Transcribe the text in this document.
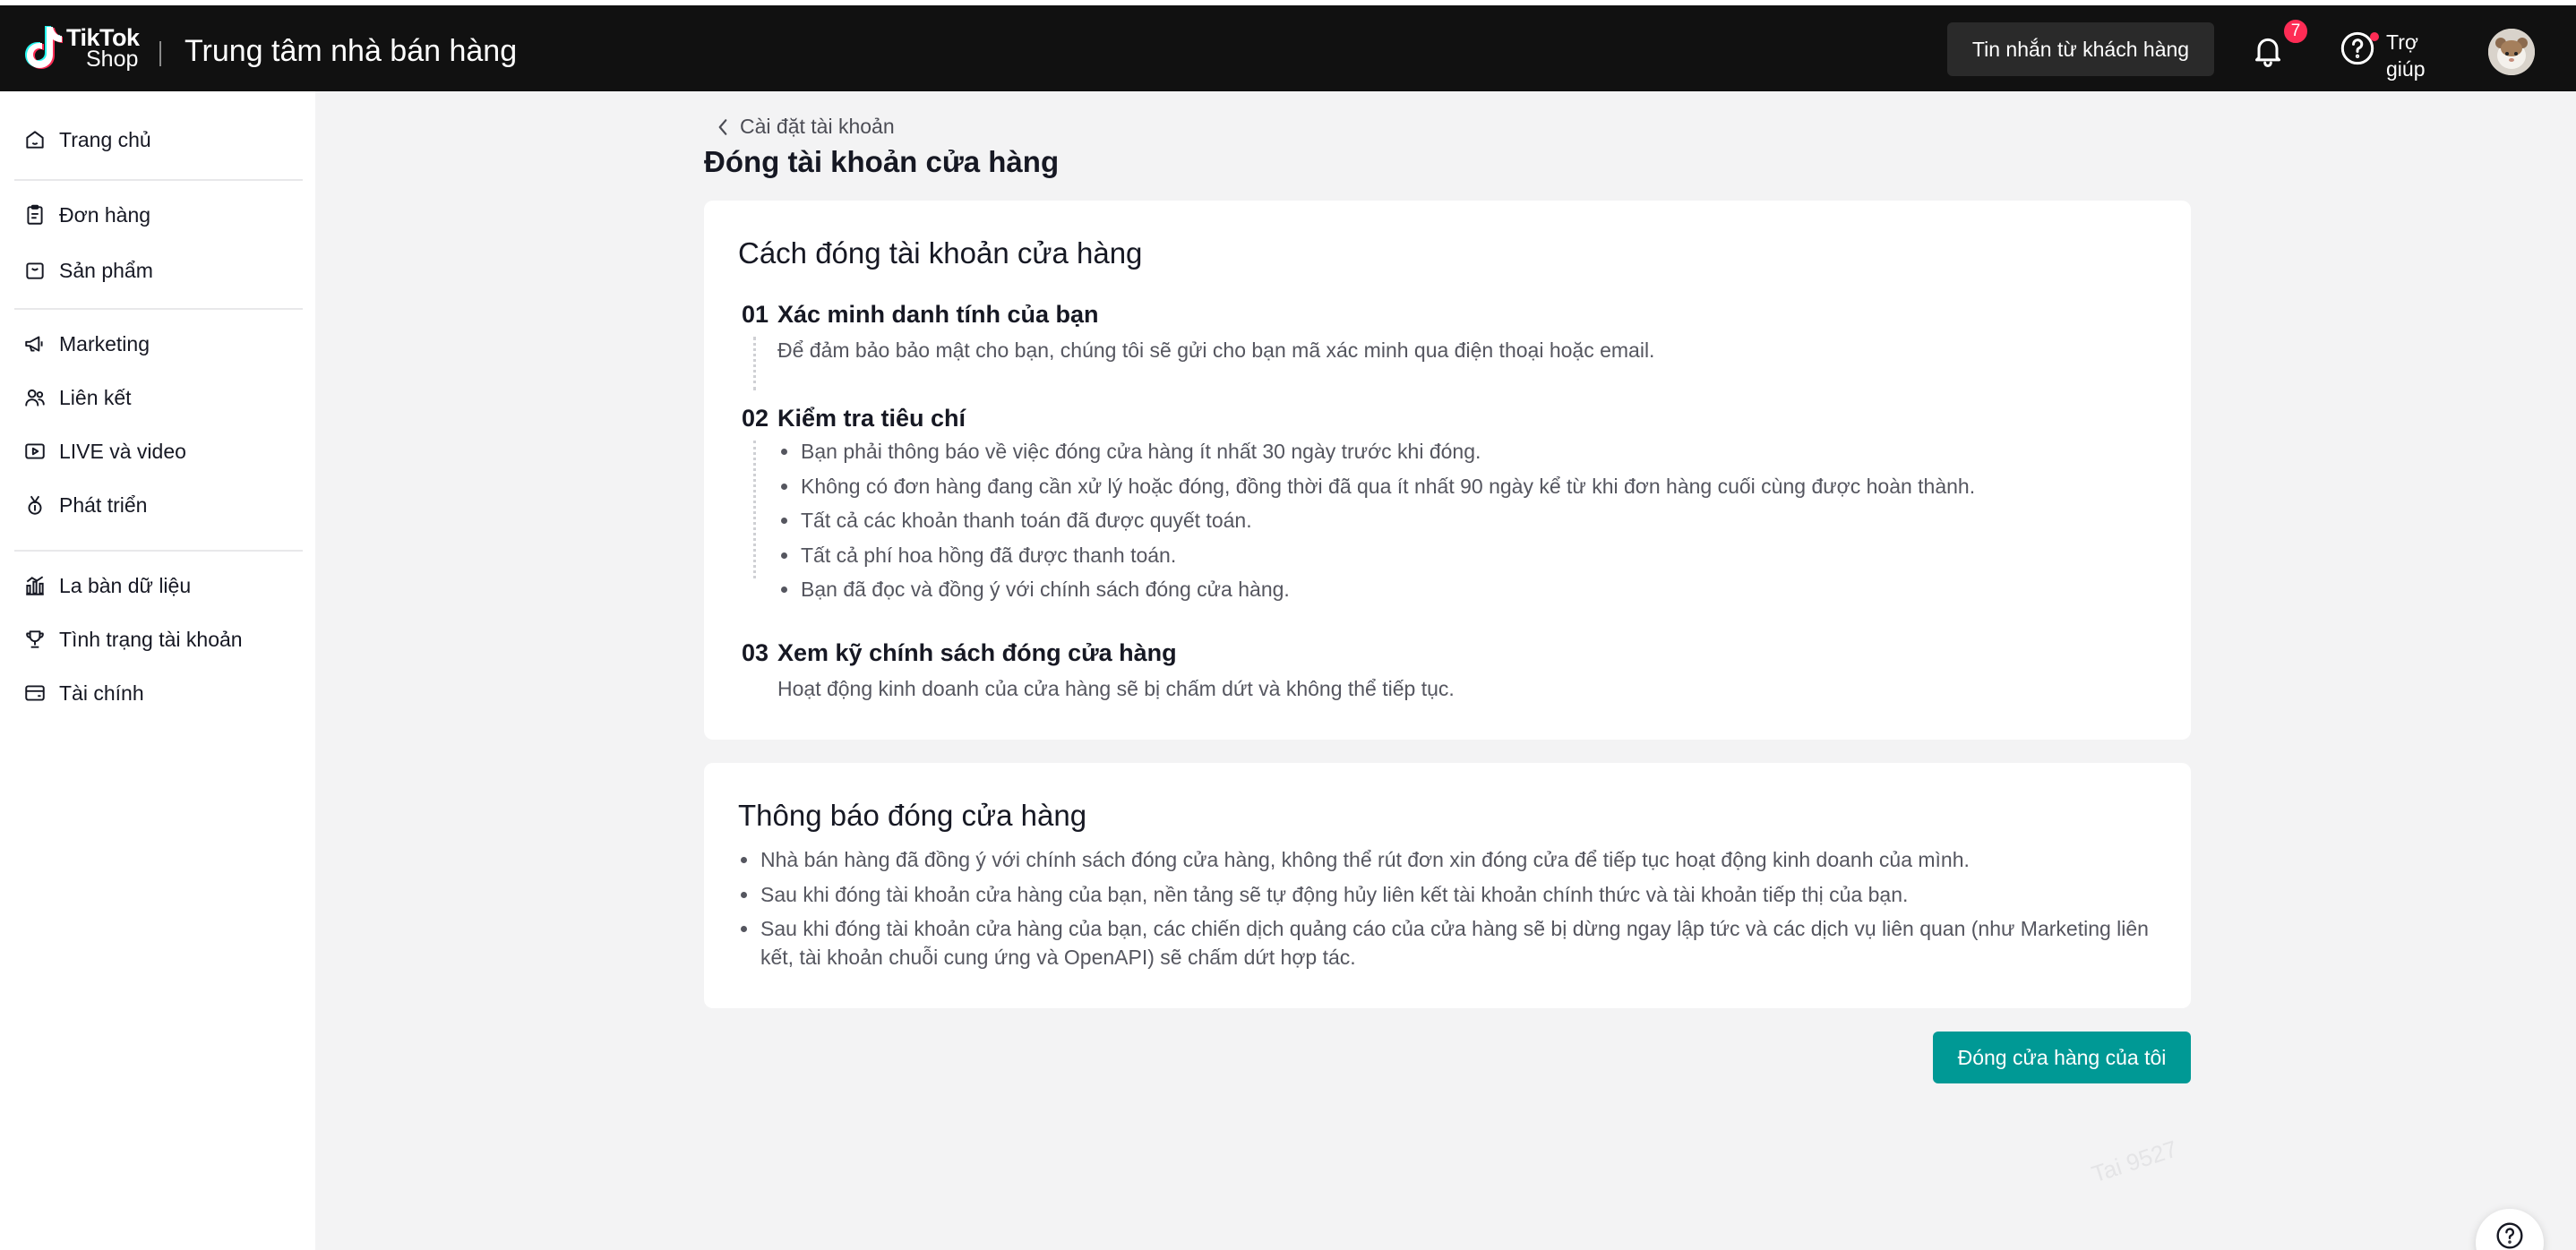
TikTok
Shop Trung tâm nhà bán hàng	Tin nhắn từ khách hàng
7	Trợ giúp
Trang chủ
Đơn hàng
Sản phẩm
Marketing
Liên kết
LIVE và video
Phát triển
La bàn dữ liệu
Tình trạng tài khoản
Tài chính
Cài đặt tài khoản
Đóng tài khoản cửa hàng
Cách đóng tài khoản cửa hàng
01 Xác minh danh tính của bạn
Để đảm bảo bảo mật cho bạn, chúng tôi sẽ gửi cho bạn mã xác minh qua điện thoại hoặc email.
02 Kiểm tra tiêu chí
Bạn phải thông báo về việc đóng cửa hàng ít nhất 30 ngày trước khi đóng.
Không có đơn hàng đang cần xử lý hoặc đóng, đồng thời đã qua ít nhất 90 ngày kể từ khi đơn hàng cuối cùng được hoàn thành.
Tất cả các khoản thanh toán đã được quyết toán.
Tất cả phí hoa hồng đã được thanh toán.
Bạn đã đọc và đồng ý với chính sách đóng cửa hàng.
03 Xem kỹ chính sách đóng cửa hàng
Hoạt động kinh doanh của cửa hàng sẽ bị chấm dứt và không thể tiếp tục.
Thông báo đóng cửa hàng
Nhà bán hàng đã đồng ý với chính sách đóng cửa hàng, không thể rút đơn xin đóng cửa để tiếp tục hoạt động kinh doanh của mình.
Sau khi đóng tài khoản cửa hàng của bạn, nền tảng sẽ tự động hủy liên kết tài khoản chính thức và tài khoản tiếp thị của bạn.
Sau khi đóng tài khoản cửa hàng của bạn, các chiến dịch quảng cáo của cửa hàng sẽ bị dừng ngay lập tức và các dịch vụ liên quan (như Marketing liên kết, tài khoản chuỗi cung ứng và OpenAPI) sẽ chấm dứt hợp tác.
Đóng cửa hàng của tôi
Tai 9527
